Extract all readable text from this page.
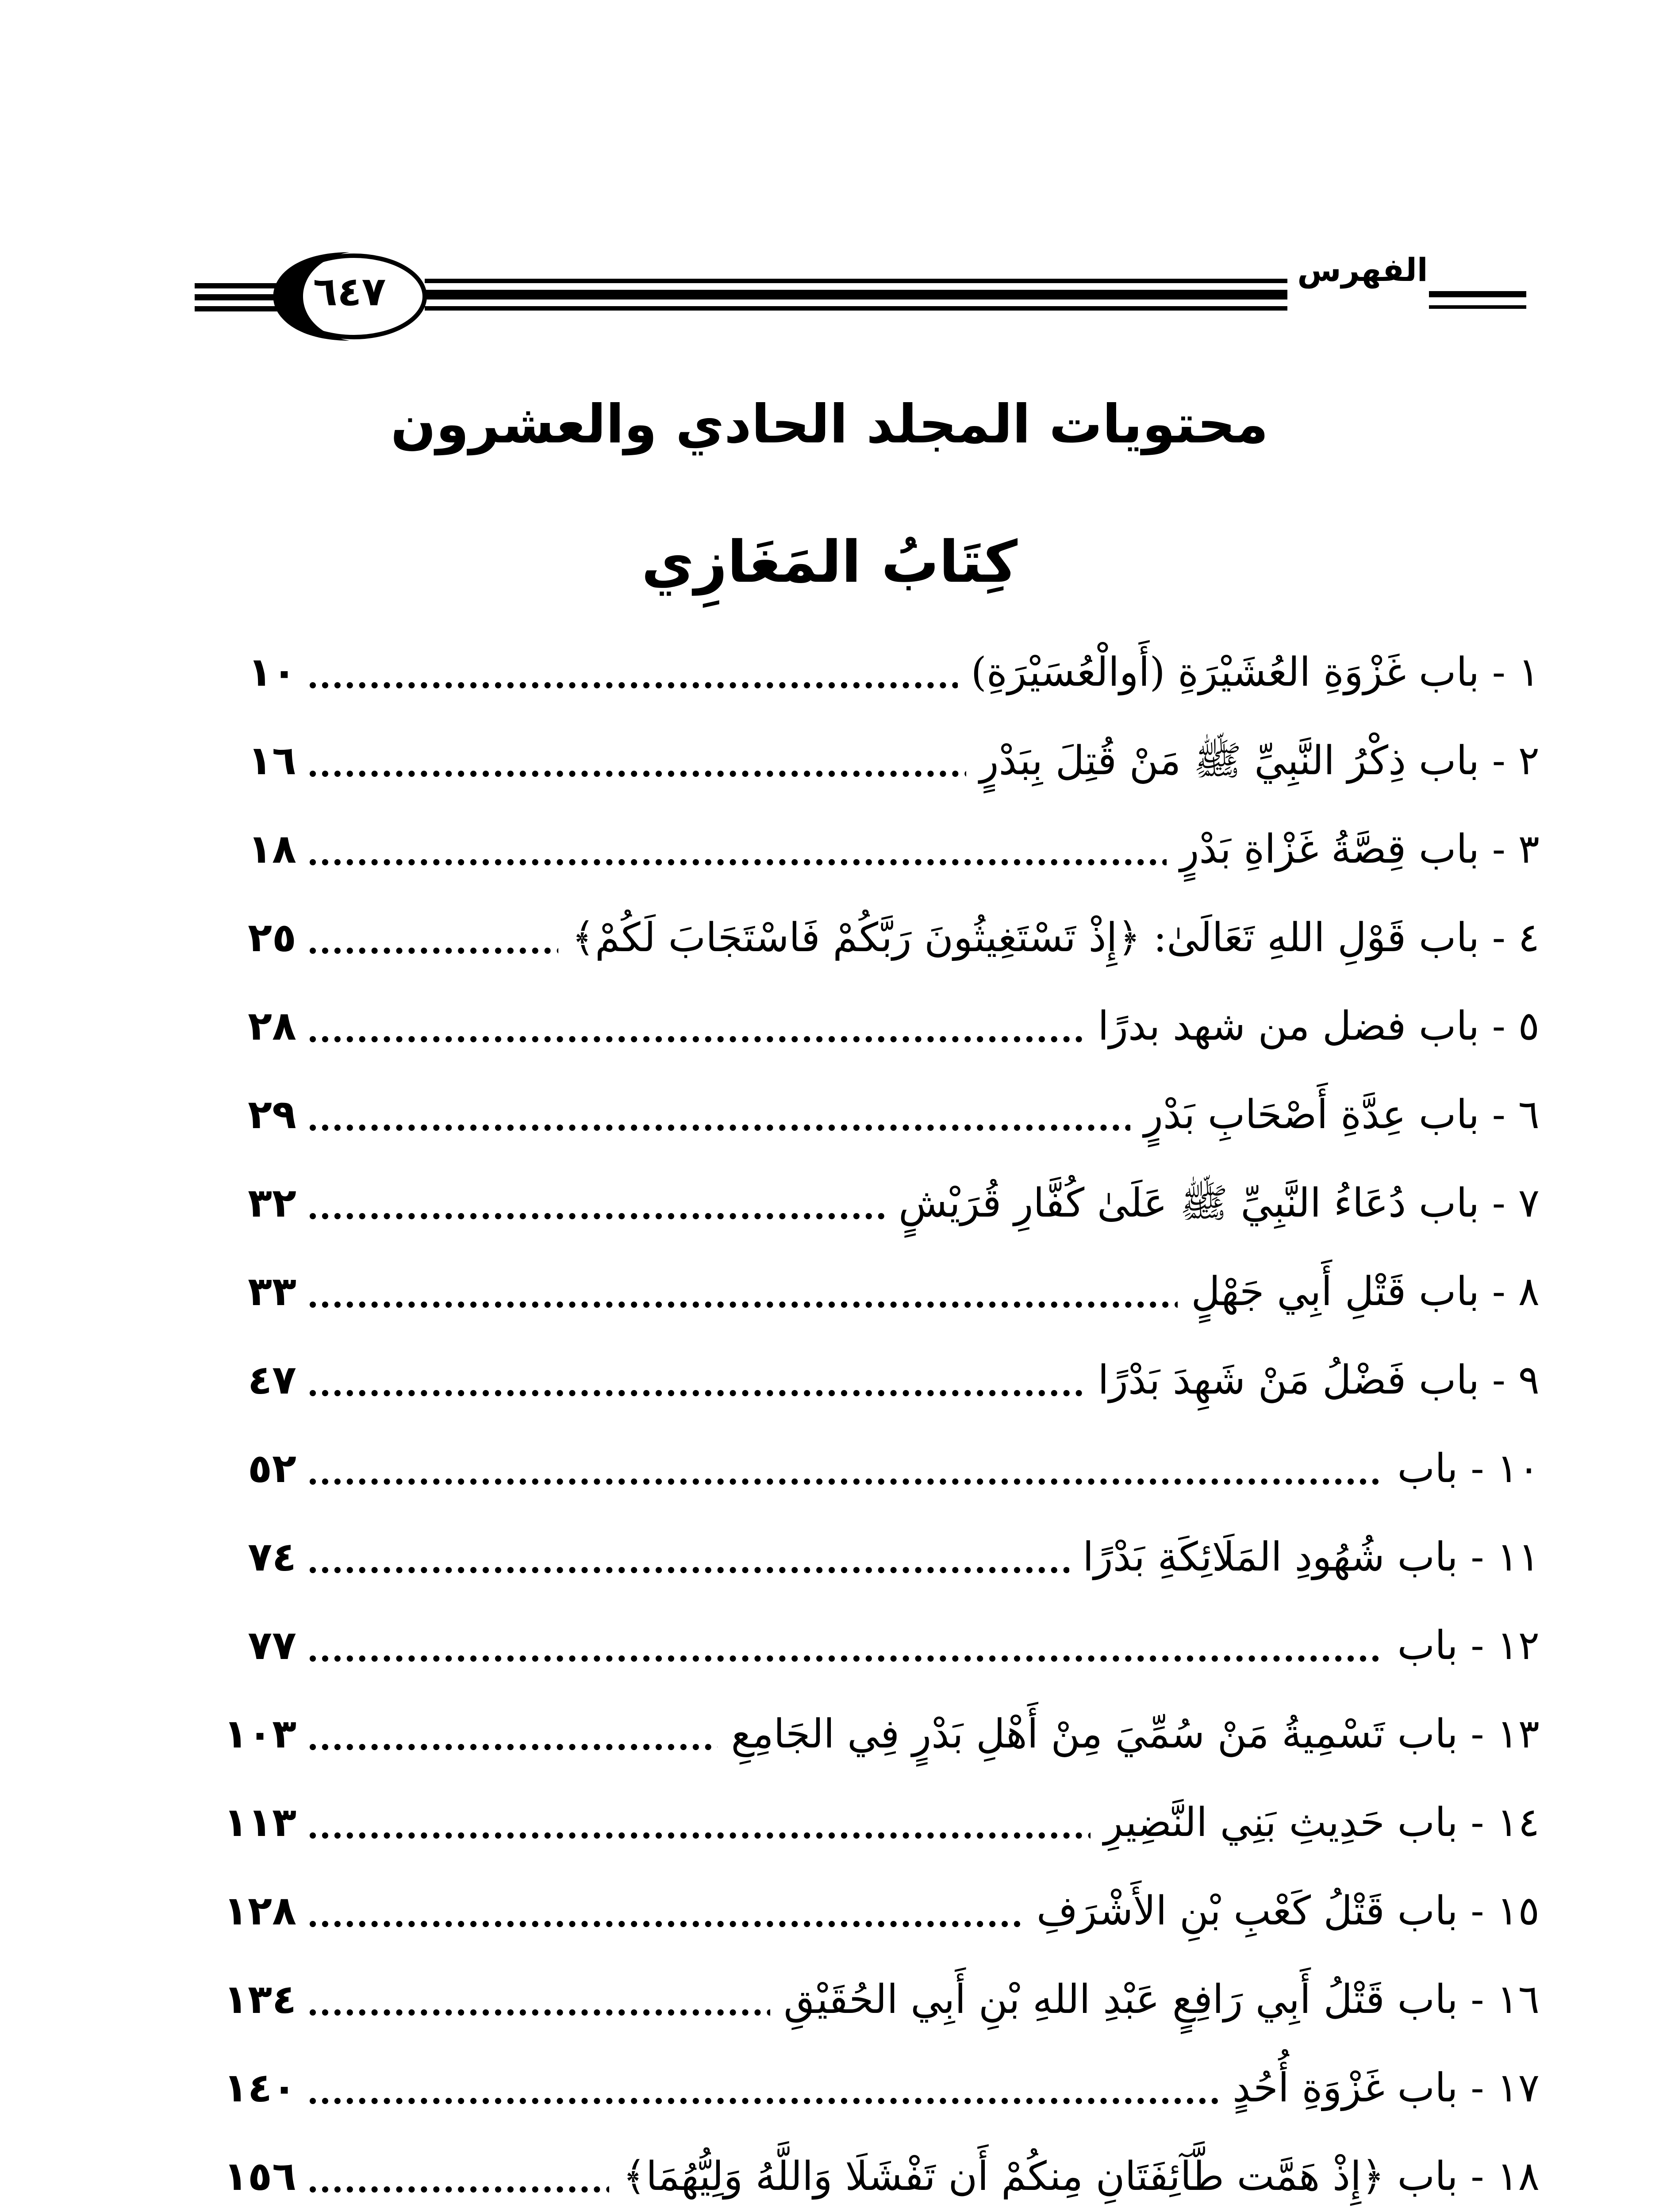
الفهرس
٦٤٧
محتويات المجلد الحادي والعشرون
كِتَابُ المَغَازِي
١ - باب غَزْوَةِ العُشَيْرَةِ (أَوالْعُسَيْرَةِ)
١٠
٢ - باب ذِكْرُ النَّبِيِّ ﷺ مَنْ قُتِلَ بِبَدْرٍ
١٦
٣ - باب قِصَّةُ غَزْاةِ بَدْرٍ
١٨
٤ - باب قَوْلِ اللهِ تَعَالَىٰ: ﴿إِذْ تَسْتَغِيثُونَ رَبَّكُمْ فَاسْتَجَابَ لَكُمْ﴾
٢٥
٥ - باب فضل من شهد بدرًا
٢٨
٦ - باب عِدَّةِ أَصْحَابِ بَدْرٍ
٢٩
٧ - باب دُعَاءُ النَّبِيِّ ﷺ عَلَىٰ كُفَّارِ قُرَيْشٍ
٣٢
٨ - باب قَتْلِ أَبِي جَهْلٍ
٣٣
٩ - باب فَضْلُ مَنْ شَهِدَ بَدْرًا
٤٧
١٠ - باب
٥٢
١١ - باب شُهُودِ المَلَائِكَةِ بَدْرًا
٧٤
١٢ - باب
٧٧
١٣ - باب تَسْمِيةُ مَنْ سُمِّيَ مِنْ أَهْلِ بَدْرٍ فِي الجَامِعِ
١٠٣
١٤ - باب حَدِيثِ بَنِي النَّضِيرِ
١١٣
١٥ - باب قَتْلُ كَعْبِ بْنِ الأَشْرَفِ
١٢٨
١٦ - باب قَتْلُ أَبِي رَافِعٍ عَبْدِ اللهِ بْنِ أَبِي الحُقَيْقِ
١٣٤
١٧ - باب غَزْوَةِ أُحُدٍ
١٤٠
١٨ - باب ﴿إِذْ هَمَّت طَّآئِفَتَانِ مِنكُمْ أَن تَفْشَلَا وَاللَّهُ وَلِيُّهُمَا﴾
١٥٦
